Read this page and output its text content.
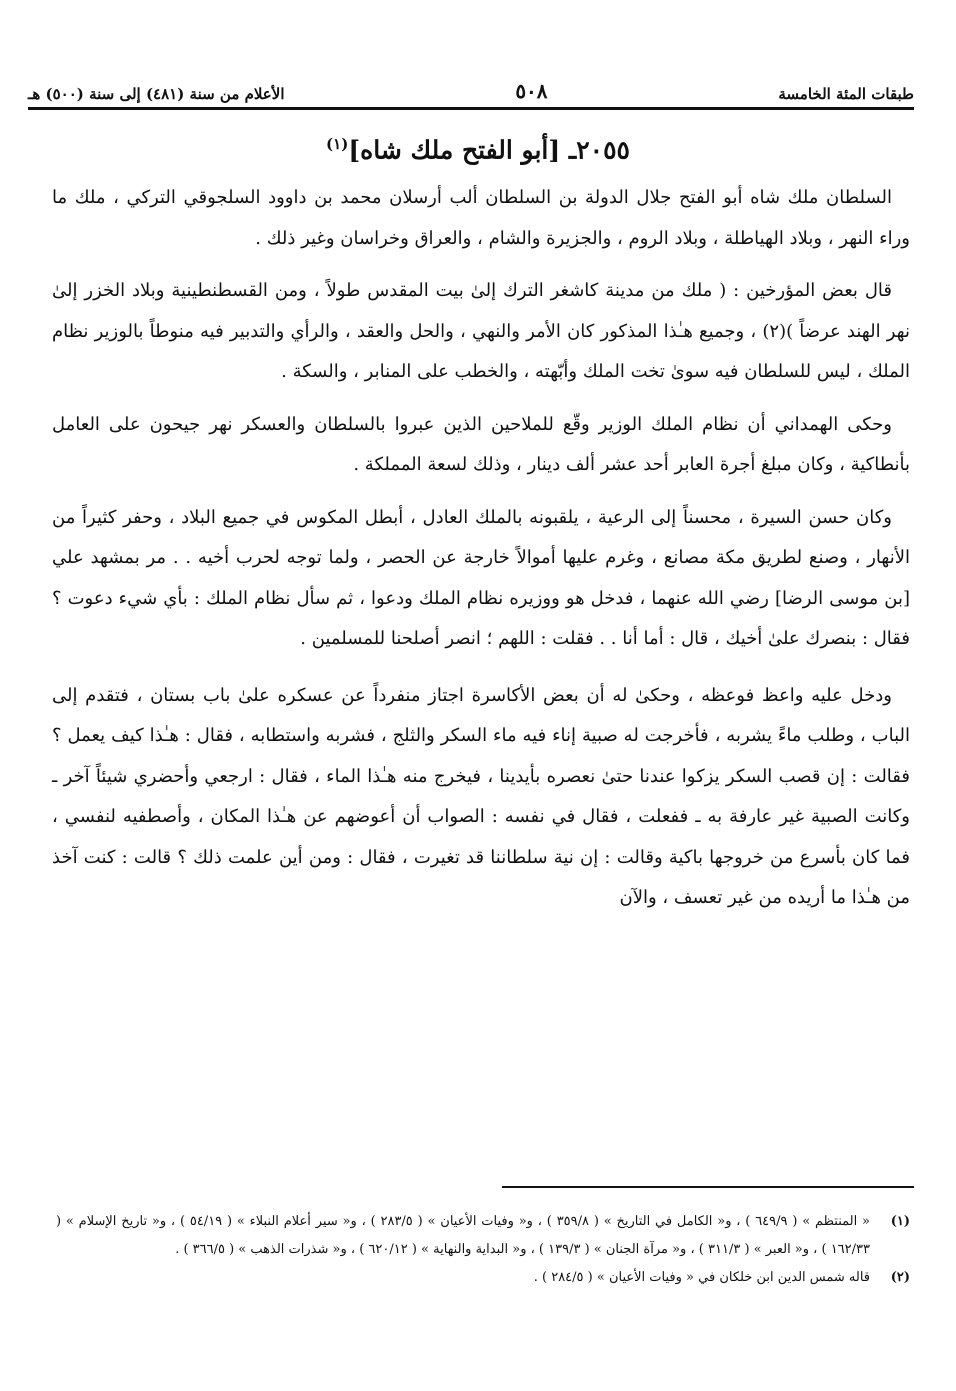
طبقات المئة الخامسة
٥٠٨
الأعلام من سنة (٤٨١) إلى سنة (٥٠٠) هـ
٢٠٥٥ـ [أبو الفتح ملك شاه]$^{(١)}$

السلطان ملك شاه أبو الفتح جلال الدولة بن السلطان ألب أرسلان محمد بن داوود السلجوقي التركي ، ملك ما وراء النهر ، وبلاد الهياطلة ، وبلاد الروم ، والجزيرة والشام ، والعراق وخراسان وغير ذلك .

قال بعض المؤرخين : ( ملك من مدينة كاشغر الترك إلىٰ بيت المقدس طولاً ، ومن القسطنطينية وبلاد الخزر إلىٰ نهر الهند عرضاً )(٢) ، وجميع هـٰذا المذكور كان الأمر والنهي ، والحل والعقد ، والرأي والتدبير فيه منوطاً بالوزير نظام الملك ، ليس للسلطان فيه سوىٰ تخت الملك وأبّهته ، والخطب على المنابر ، والسكة .

وحكى الهمداني أن نظام الملك الوزير وقّع للملاحين الذين عبروا بالسلطان والعسكر نهر جيحون على العامل بأنطاكية ، وكان مبلغ أجرة العابر أحد عشر ألف دينار ، وذلك لسعة المملكة .

وكان حسن السيرة ، محسناً إلى الرعية ، يلقبونه بالملك العادل ، أبطل المكوس في جميع البلاد ، وحفر كثيراً من الأنهار ، وصنع لطريق مكة مصانع ، وغرم عليها أموالاً خارجة عن الحصر ، ولما توجه لحرب أخيه . . مر بمشهد علي [بن موسى الرضا] رضي الله عنهما ، فدخل هو ووزيره نظام الملك ودعوا ، ثم سأل نظام الملك : بأي شيء دعوت ؟ فقال : بنصرك علىٰ أخيك ، قال : أما أنا . . فقلت : اللهم ؛ انصر أصلحنا للمسلمين .

ودخل عليه واعظ فوعظه ، وحكىٰ له أن بعض الأكاسرة اجتاز منفرداً عن عسكره علىٰ باب بستان ، فتقدم إلى الباب ، وطلب ماءً يشربه ، فأخرجت له صبية إناء فيه ماء السكر والثلج ، فشربه واستطابه ، فقال : هـٰذا كيف يعمل ؟ فقالت : إن قصب السكر يزكوا عندنا حتىٰ نعصره بأيدينا ، فيخرج منه هـٰذا الماء ، فقال : ارجعي وأحضري شيئاً آخر ـ وكانت الصبية غير عارفة به ـ ففعلت ، فقال في نفسه : الصواب أن أعوضهم عن هـٰذا المكان ، وأصطفيه لنفسي ، فما كان بأسرع من خروجها باكية وقالت : إن نية سلطاننا قد تغيرت ، فقال : ومن أين علمت ذلك ؟ قالت : كنت آخذ من هـٰذا ما أريده من غير تعسف ، والآن

(١)
« المنتظم » ( ٦٤٩/٩ ) ، و« الكامل في التاريخ » ( ٣٥٩/٨ ) ، و« وفيات الأعيان » ( ٢٨٣/٥ ) ، و« سير أعلام النبلاء » ( ٥٤/١٩ ) ، و« تاريخ الإسلام » ( ١٦٢/٣٣ ) ، و« العبر » ( ٣١١/٣ ) ، و« مرآة الجنان » ( ١٣٩/٣ ) ، و« البداية والنهاية » ( ٦٢٠/١٢ ) ، و« شذرات الذهب » ( ٣٦٦/٥ ) .
(٢)
قاله شمس الدين ابن خلكان في « وفيات الأعيان » ( ٢٨٤/٥ ) .
